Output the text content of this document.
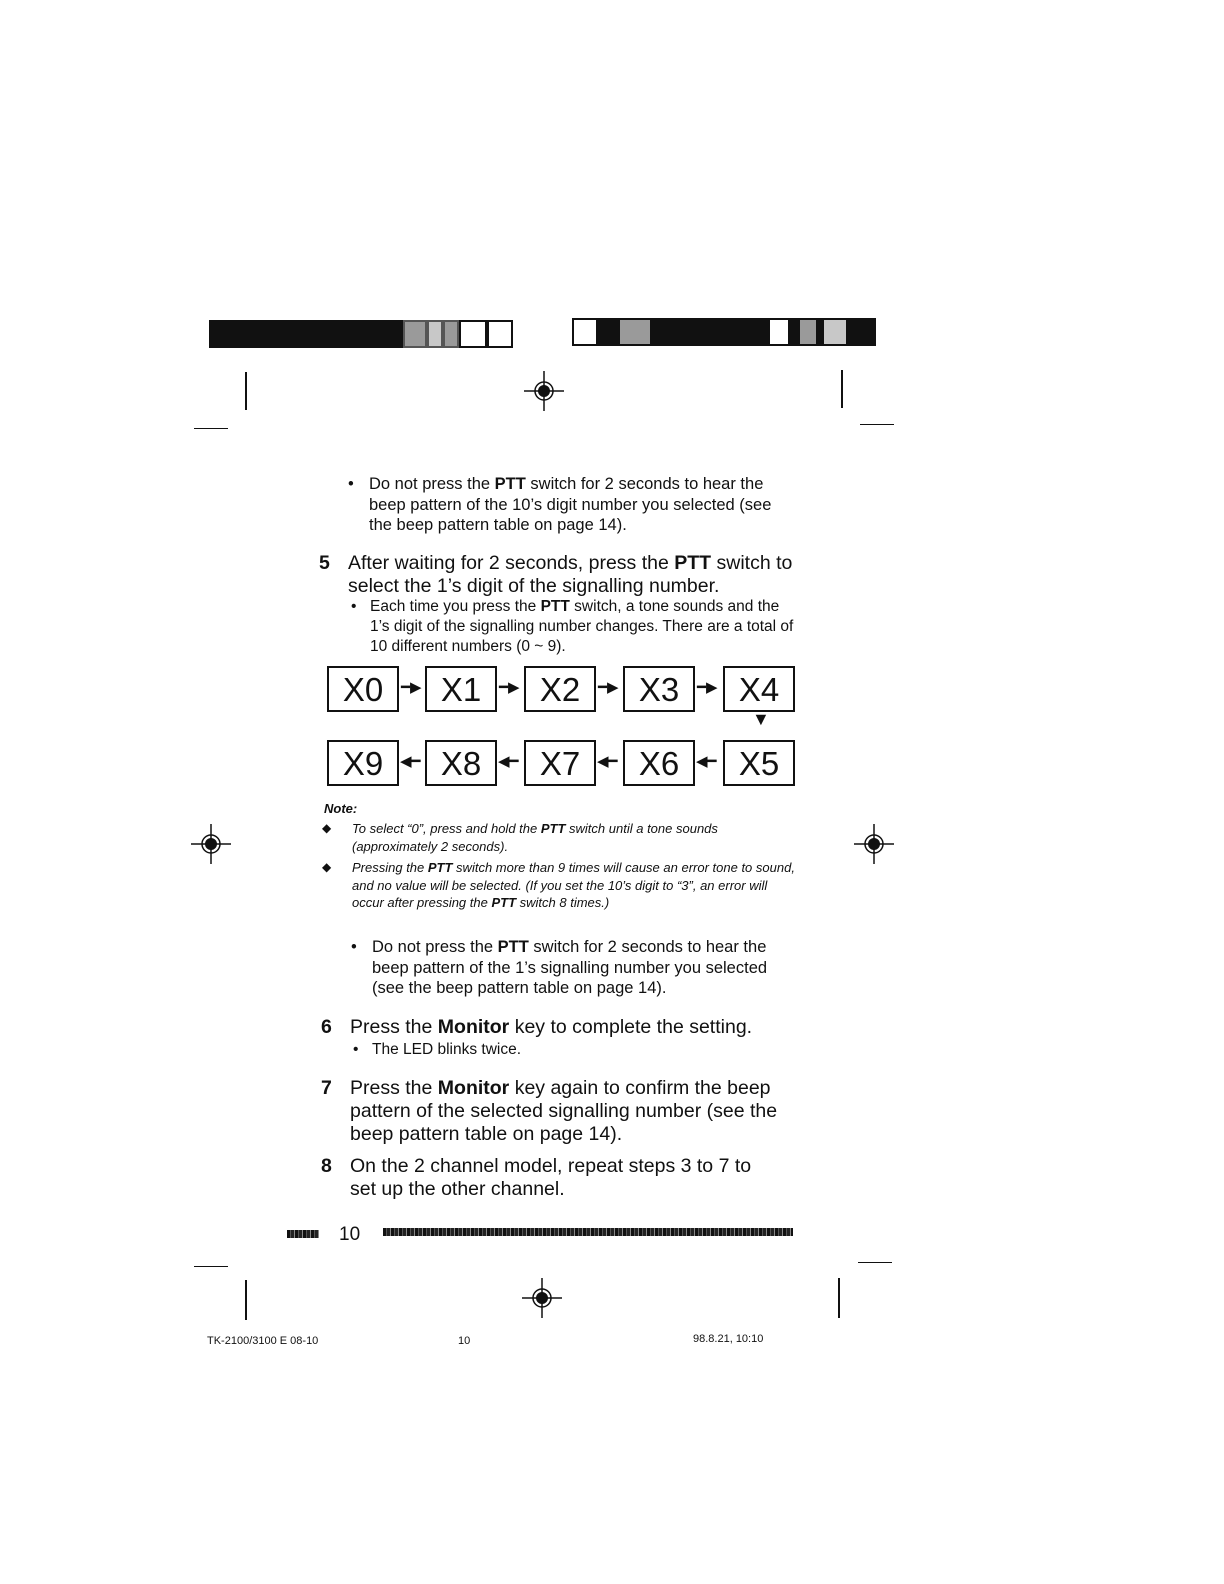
• Do not press the PTT switch for 2 seconds to hear the beep pattern of the 10’s digit number you selected (see the beep pattern table on page 14).
5 After waiting for 2 seconds, press the PTT switch to select the 1’s digit of the signalling number.
• Each time you press the PTT switch, a tone sounds and the 1’s digit of the signalling number changes. There are a total of 10 different numbers (0 ~ 9).
X0	X1	X2	X3	X4
━▶	━▶	━▶	━▶
▼
X9	X8	X7	X6	X5
◀━	◀━	◀━	◀━
Note:
◆ To select “0”, press and hold the PTT switch until a tone sounds (approximately 2 seconds).
◆ Pressing the PTT switch more than 9 times will cause an error tone to sound, and no value will be selected. (If you set the 10’s digit to “3”, an error will occur after pressing the PTT switch 8 times.)
• Do not press the PTT switch for 2 seconds to hear the beep pattern of the 1’s signalling number you selected (see the beep pattern table on page 14).
6 Press the Monitor key to complete the setting.
• The LED blinks twice.
7 Press the Monitor key again to confirm the beep pattern of the selected signalling number (see the beep pattern table on page 14).
8 On the 2 channel model, repeat steps 3 to 7 to set up the other channel.
10
TK-2100/3100 E 08-10	10	98.8.21, 10:10
